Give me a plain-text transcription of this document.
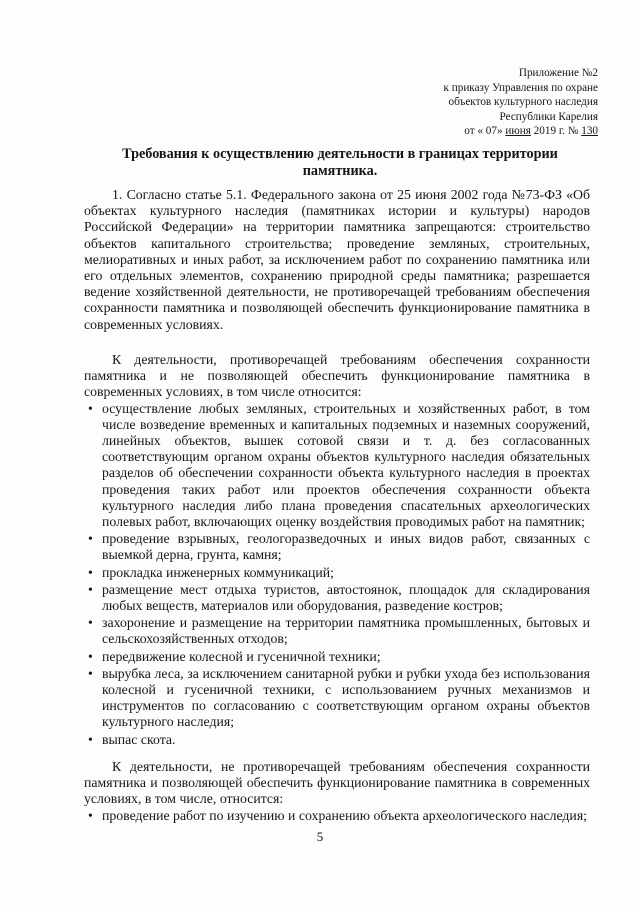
Приложение №2
к приказу Управления по охране
объектов культурного наследия
Республики Карелия
от « 07» июня 2019 г. № 130
Требования к осуществлению деятельности в границах территории памятника.
1. Согласно статье 5.1. Федерального закона от 25 июня 2002 года №73-ФЗ «Об объектах культурного наследия (памятниках истории и культуры) народов Российской Федерации» на территории памятника запрещаются: строительство объектов капитального строительства; проведение земляных, строительных, мелиоративных и иных работ, за исключением работ по сохранению памятника или его отдельных элементов, сохранению природной среды памятника; разрешается ведение хозяйственной деятельности, не противоречащей требованиям обеспечения сохранности памятника и позволяющей обеспечить функционирование памятника в современных условиях.
К деятельности, противоречащей требованиям обеспечения сохранности памятника и не позволяющей обеспечить функционирование памятника в современных условиях, в том числе относится:
• осуществление любых земляных, строительных и хозяйственных работ, в том числе возведение временных и капитальных подземных и наземных сооружений, линейных объектов, вышек сотовой связи и т. д. без согласованных соответствующим органом охраны объектов культурного наследия обязательных разделов об обеспечении сохранности объекта культурного наследия в проектах проведения таких работ или проектов обеспечения сохранности объекта культурного наследия либо плана проведения спасательных археологических полевых работ, включающих оценку воздействия проводимых работ на памятник;
• проведение взрывных, геологоразведочных и иных видов работ, связанных с выемкой дерна, грунта, камня;
• прокладка инженерных коммуникаций;
• размещение мест отдыха туристов, автостоянок, площадок для складирования любых веществ, материалов или оборудования, разведение костров;
• захоронение и размещение на территории памятника промышленных, бытовых и сельскохозяйственных отходов;
• передвижение колесной и гусеничной техники;
• вырубка леса, за исключением санитарной рубки и рубки ухода без использования колесной и гусеничной техники, с использованием ручных механизмов и инструментов по согласованию с соответствующим органом охраны объектов культурного наследия;
• выпас скота.
К деятельности, не противоречащей требованиям обеспечения сохранности памятника и позволяющей обеспечить функционирование памятника в современных условиях, в том числе, относится:
• проведение работ по изучению и сохранению объекта археологического наследия;
5
